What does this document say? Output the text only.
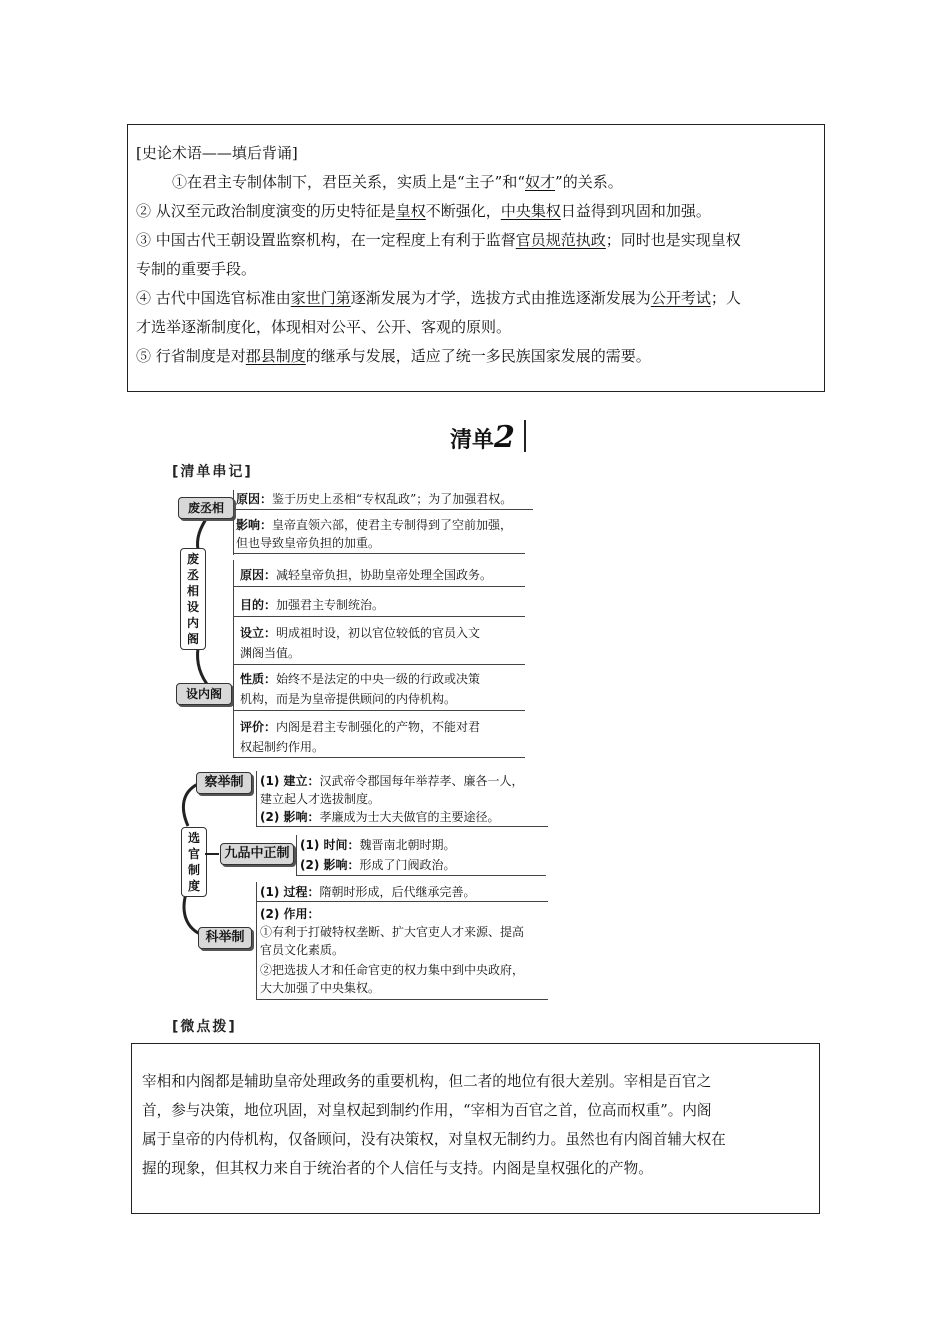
[史论术语——填后背诵]
①在君主专制体制下，君臣关系，实质上是“主子”和“奴才”的关系。
② 从汉至元政治制度演变的历史特征是皇权不断强化，中央集权日益得到巩固和加强。
③ 中国古代王朝设置监察机构，在一定程度上有利于监督官员规范执政；同时也是实现皇权
专制的重要手段。
④ 古代中国选官标准由家世门第逐渐发展为才学，选拔方式由推选逐渐发展为公开考试；人
才选举逐渐制度化，体现相对公平、公开、客观的原则。
⑤ 行省制度是对郡县制度的继承与发展，适应了统一多民族国家发展的需要。
清单2
[清单串记]
废丞相
废
丞
相
设
内
阁
设内阁
原因：鉴于历史上丞相“专权乱政”；为了加强君权。
影响：皇帝直领六部，使君主专制得到了空前加强，
但也导致皇帝负担的加重。
原因：减轻皇帝负担，协助皇帝处理全国政务。
目的：加强君主专制统治。
设立：明成祖时设，初以官位较低的官员入文
渊阁当值。
性质：始终不是法定的中央一级的行政或决策
机构，而是为皇帝提供顾问的内侍机构。
评价：内阁是君主专制强化的产物，不能对君
权起制约作用。
察举制
选
官
制
度
九品中正制
科举制
(1) 建立：汉武帝令郡国每年举荐孝、廉各一人，
建立起人才选拔制度。
(2) 影响：孝廉成为士大夫做官的主要途径。
(1) 时间：魏晋南北朝时期。
(2) 影响：形成了门阀政治。
(1) 过程：隋朝时形成，后代继承完善。
(2) 作用：
①有利于打破特权垄断、扩大官吏人才来源、提高
官员文化素质。
②把选拔人才和任命官吏的权力集中到中央政府，
大大加强了中央集权。
[微点拨]
宰相和内阁都是辅助皇帝处理政务的重要机构，但二者的地位有很大差别。宰相是百官之
首，参与决策，地位巩固，对皇权起到制约作用，“宰相为百官之首，位高而权重”。内阁
属于皇帝的内侍机构，仅备顾问，没有决策权，对皇权无制约力。虽然也有内阁首辅大权在
握的现象，但其权力来自于统治者的个人信任与支持。内阁是皇权强化的产物。
